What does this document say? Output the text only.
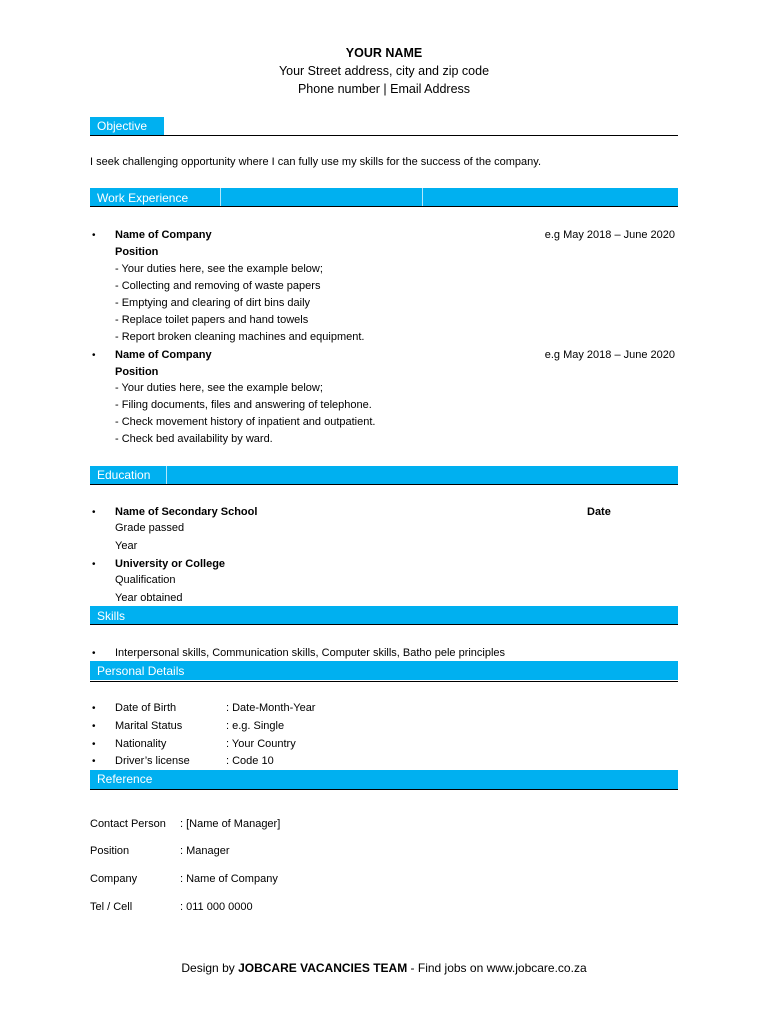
YOUR NAME
Your Street address, city and zip code
Phone number | Email Address
Objective
I seek challenging opportunity where I can fully use my skills for the success of the company.
Work Experience
• Name of Company	e.g May 2018 – June 2020
Position
- Your duties here, see the example below;
- Collecting and removing of waste papers
- Emptying and clearing of dirt bins daily
- Replace toilet papers and hand towels
- Report broken cleaning machines and equipment.
• Name of Company	e.g May 2018 – June 2020
Position
- Your duties here, see the example below;
- Filing documents, files and answering of telephone.
- Check movement history of inpatient and outpatient.
- Check bed availability by ward.
Education
• Name of Secondary School	Date
Grade passed
Year
• University or College
Qualification
Year obtained
Skills
• Interpersonal skills, Communication skills, Computer skills, Batho pele principles
Personal Details
• Date of Birth	: Date-Month-Year
• Marital Status	: e.g. Single
• Nationality	: Your Country
• Driver’s license	: Code 10
Reference
Contact Person : [Name of Manager]
Position	: Manager
Company	: Name of Company
Tel / Cell	: 011 000 0000
Design by JOBCARE VACANCIES TEAM - Find jobs on www.jobcare.co.za
